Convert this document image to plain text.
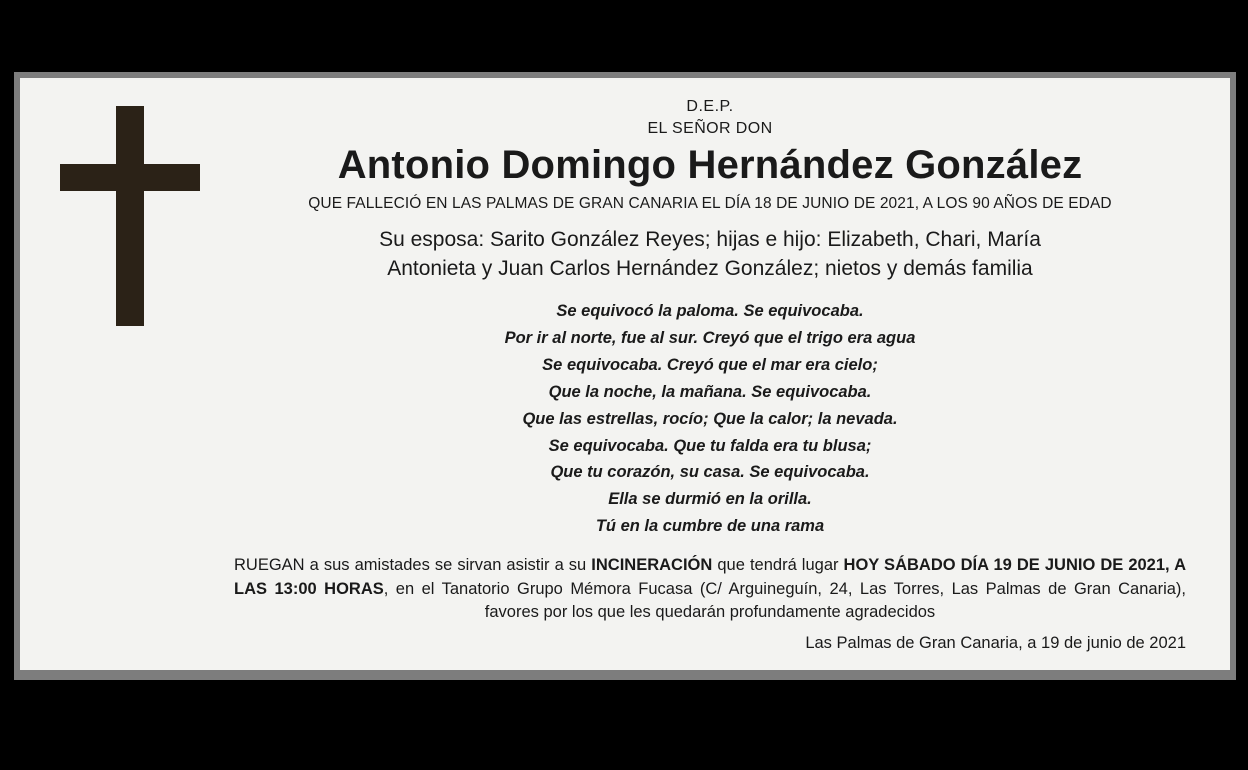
D.E.P.
EL SEÑOR DON
Antonio Domingo Hernández González
QUE FALLECIÓ EN LAS PALMAS DE GRAN CANARIA EL DÍA 18 DE JUNIO DE 2021, A LOS 90 AÑOS DE EDAD
Su esposa: Sarito González Reyes; hijas e hijo: Elizabeth, Chari, María
Antonieta y Juan Carlos Hernández González; nietos y demás familia
Se equivocó la paloma. Se equivocaba.
Por ir al norte, fue al sur. Creyó que el trigo era agua
Se equivocaba. Creyó que el mar era cielo;
Que la noche, la mañana. Se equivocaba.
Que las estrellas, rocío; Que la calor; la nevada.
Se equivocaba. Que tu falda era tu blusa;
Que tu corazón, su casa. Se equivocaba.
Ella se durmió en la orilla.
Tú en la cumbre de una rama
RUEGAN a sus amistades se sirvan asistir a su INCINERACIÓN que tendrá lugar HOY SÁBADO DÍA 19 DE JUNIO DE 2021, A LAS 13:00 HORAS, en el Tanatorio Grupo Mémora Fucasa (C/ Arguineguín, 24, Las Torres, Las Palmas de Gran Canaria), favores por los que les quedarán profundamente agradecidos
Las Palmas de Gran Canaria, a 19 de junio de 2021
